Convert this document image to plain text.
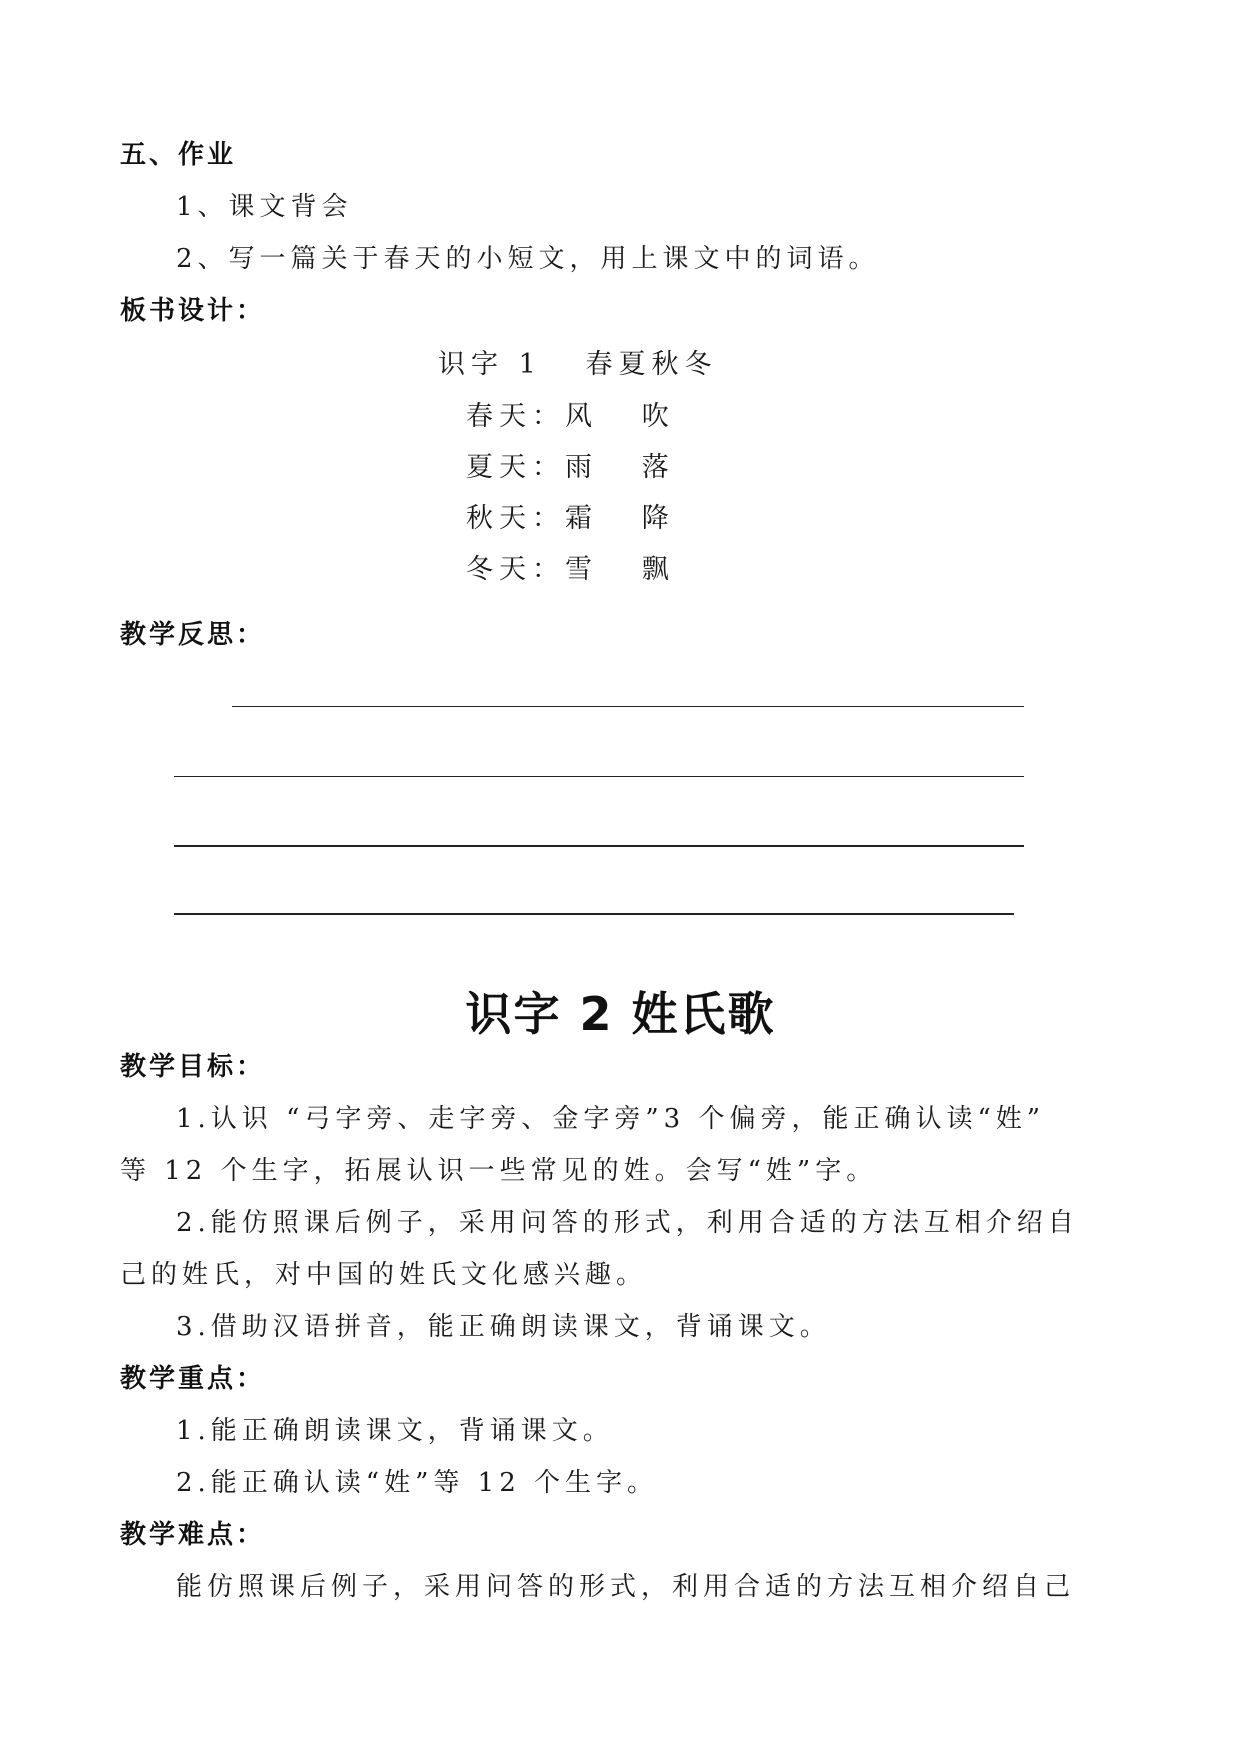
五、作业
1、课文背会
2、写一篇关于春天的小短文，用上课文中的词语。
板书设计：
识字 1   春夏秋冬
春天：风   吹
夏天：雨   落
秋天：霜   降
冬天：雪   飘
教学反思：
识字 2 姓氏歌
教学目标：
1.认识 “弓字旁、走字旁、金字旁”3 个偏旁，能正确认读“姓”
等 12 个生字，拓展认识一些常见的姓。会写“姓”字。
2.能仿照课后例子，采用问答的形式，利用合适的方法互相介绍自
己的姓氏，对中国的姓氏文化感兴趣。
3.借助汉语拼音，能正确朗读课文，背诵课文。
教学重点：
1.能正确朗读课文，背诵课文。
2.能正确认读“姓”等 12 个生字。
教学难点：
能仿照课后例子，采用问答的形式，利用合适的方法互相介绍自己
